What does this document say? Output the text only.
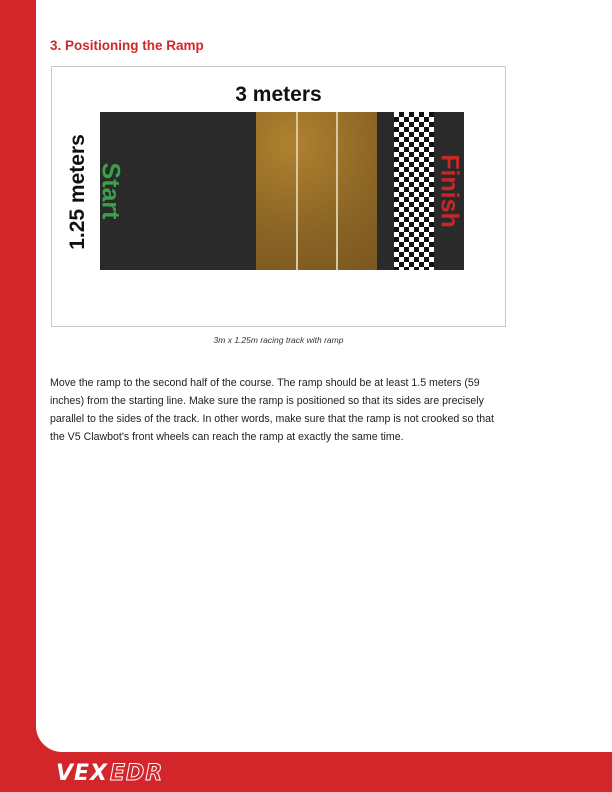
3. Positioning the Ramp
3 meters
1.25 meters Start	Finish

3m x 1.25m racing track with ramp

Move the ramp to the second half of the course. The ramp should be at least 1.5 meters (59 inches) from the starting line. Make sure the ramp is positioned so that its sides are precisely parallel to the sides of the track. In other words, make sure that the ramp is not crooked so that the V5 Clawbot's front wheels can reach the ramp at exactly the same time.

VEX EDR
